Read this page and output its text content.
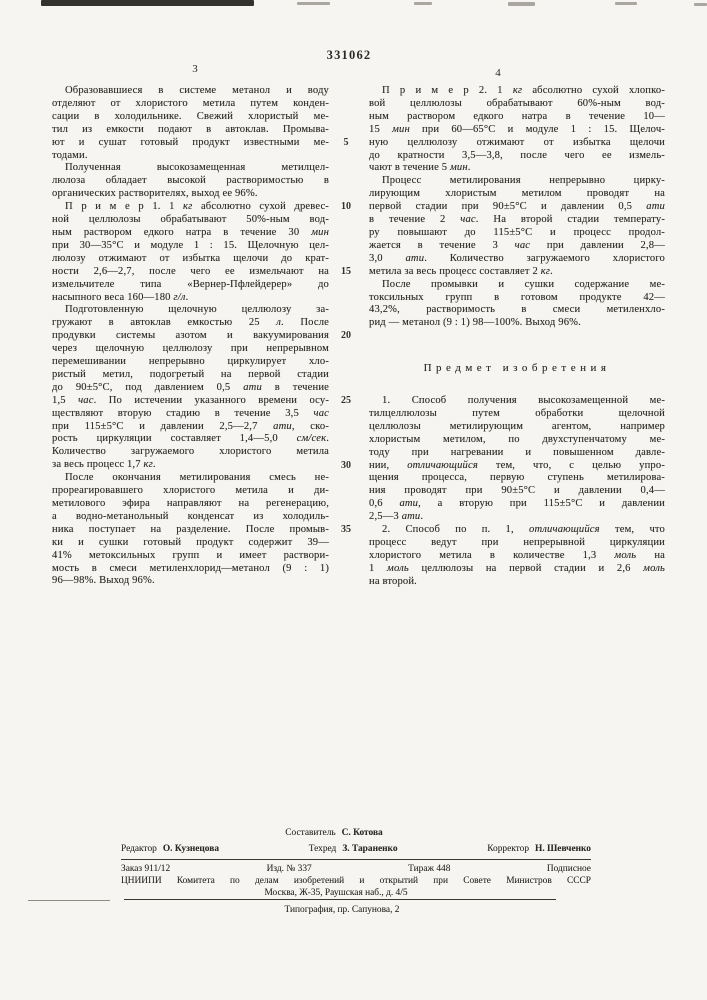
331062
3	4
Образовавшиеся в системе метанол и воду
отделяют от хлористого метила путем конден-
сации в холодильнике. Свежий хлористый ме-
тил из емкости подают в автоклав. Промыва-
ют и сушат готовый продукт известными ме-
тодами.
Полученная высокозамещенная метилцел-
люлоза обладает высокой растворимостью в
органических растворителях, выход ее 96%.
П р и м е р 1. 1 кг абсолютно сухой древес-
ной целлюлозы обрабатывают 50%-ным вод-
ным раствором едкого натра в течение 30 мин
при 30—35°С и модуле 1 : 15. Щелочную цел-
люлозу отжимают от избытка щелочи до крат-
ности 2,6—2,7, после чего ее измельчают на
измельчителе типа «Вернер-Пфлейдерер» до
насыпного веса 160—180 г/л.
Подготовленную щелочную целлюлозу за-
гружают в автоклав емкостью 25 л. После
продувки системы азотом и вакуумирования
через щелочную целлюлозу при непрерывном
перемешивании непрерывно циркулирует хло-
ристый метил, подогретый на первой стадии
до 90±5°С, под давлением 0,5 ати в течение
1,5 час. По истечении указанного времени осу-
ществляют вторую стадию в течение 3,5 час
при 115±5°С и давлении 2,5—2,7 ати, ско-
рость циркуляции составляет 1,4—5,0 см/сек.
Количество загружаемого хлористого метила
за весь процесс 1,7 кг.
После окончания метилирования смесь не-
прореагировавшего хлористого метила и ди-
метилового эфира направляют на регенерацию,
а водно-метанольный конденсат из холодиль-
ника поступает на разделение. После промыв-
ки и сушки готовый продукт содержит 39—
41% метоксильных групп и имеет раствори-
мость в смеси метиленхлорид—метанол (9 : 1)
96—98%. Выход 96%.
П р и м е р 2. 1 кг абсолютно сухой хлопко-
вой целлюлозы обрабатывают 60%-ным вод-
ным раствором едкого натра в течение 10—
15 мин при 60—65°С и модуле 1 : 15. Щелоч-
ную целлюлозу отжимают от избытка щелочи
до кратности 3,5—3,8, после чего ее измель-
чают в течение 5 мин.
Процесс метилирования непрерывно цирку-
лирующим хлористым метилом проводят на
первой стадии при 90±5°С и давлении 0,5 ати
в течение 2 час. На второй стадии температу-
ру повышают до 115±5°С и процесс продол-
жается в течение 3 час при давлении 2,8—
3,0 ати. Количество загружаемого хлористого
метила за весь процесс составляет 2 кг.
После промывки и сушки содержание ме-
токсильных групп в готовом продукте 42—
43,2%, растворимость в смеси метиленхло-
рид — метанол (9 : 1) 98—100%. Выход 96%.
Предмет изобретения
1. Способ получения высокозамещенной ме-
тилцеллюлозы путем обработки щелочной
целлюлозы метилирующим агентом, например
хлористым метилом, по двухступенчатому ме-
тоду при нагревании и повышенном давле-
нии, отличающийся тем, что, с целью упро-
щения процесса, первую ступень метилирова-
ния проводят при 90±5°С и давлении 0,4—
0,6 ати, а вторую при 115±5°С и давлении
2,5—3 ати.
2. Способ по п. 1, отличающийся тем, что
процесс ведут при непрерывной циркуляции
хлористого метила в количестве 1,3 моль на
1 моль целлюлозы на первой стадии и 2,6 моль
на второй.
5
10
15
20
25
30
35
Составитель С. Котова
Редактор О. Кузнецова	Техред З. Тараненко	Корректор Н. Шевченко
Заказ 911/12	Изд. № 337	Тираж 448	Подписное
ЦНИИПИ Комитета по делам изобретений и открытий при Совете Министров СССР
Москва, Ж-35, Раушская наб., д. 4/5
Типография, пр. Сапунова, 2
